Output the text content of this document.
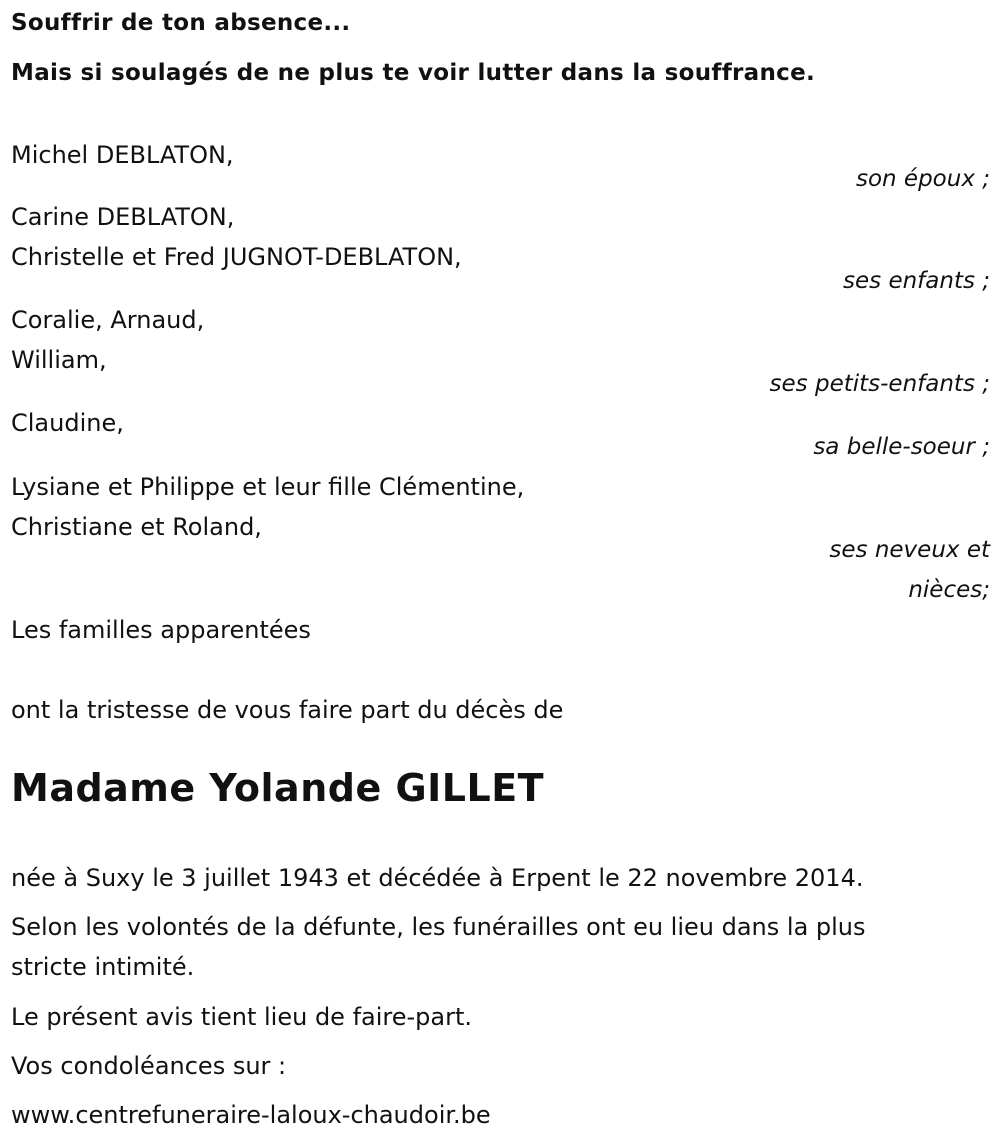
Souffrir de ton absence...
Mais si soulagés de ne plus te voir lutter dans la souffrance.
Michel DEBLATON,
son époux ;
Carine DEBLATON,
Christelle et Fred JUGNOT-DEBLATON,
ses enfants ;
Coralie, Arnaud,
William,
ses petits-enfants ;
Claudine,
sa belle-soeur ;
Lysiane et Philippe et leur fille Clémentine,
Christiane et Roland,
ses neveux et
nièces;
Les familles apparentées
ont la tristesse de vous faire part du décès de
Madame Yolande GILLET
née à Suxy le 3 juillet 1943 et décédée à Erpent le 22 novembre 2014.
Selon les volontés de la défunte, les funérailles ont eu lieu dans la plus
stricte intimité.
Le présent avis tient lieu de faire-part.
Vos condoléances sur :
www.centrefuneraire-laloux-chaudoir.be
